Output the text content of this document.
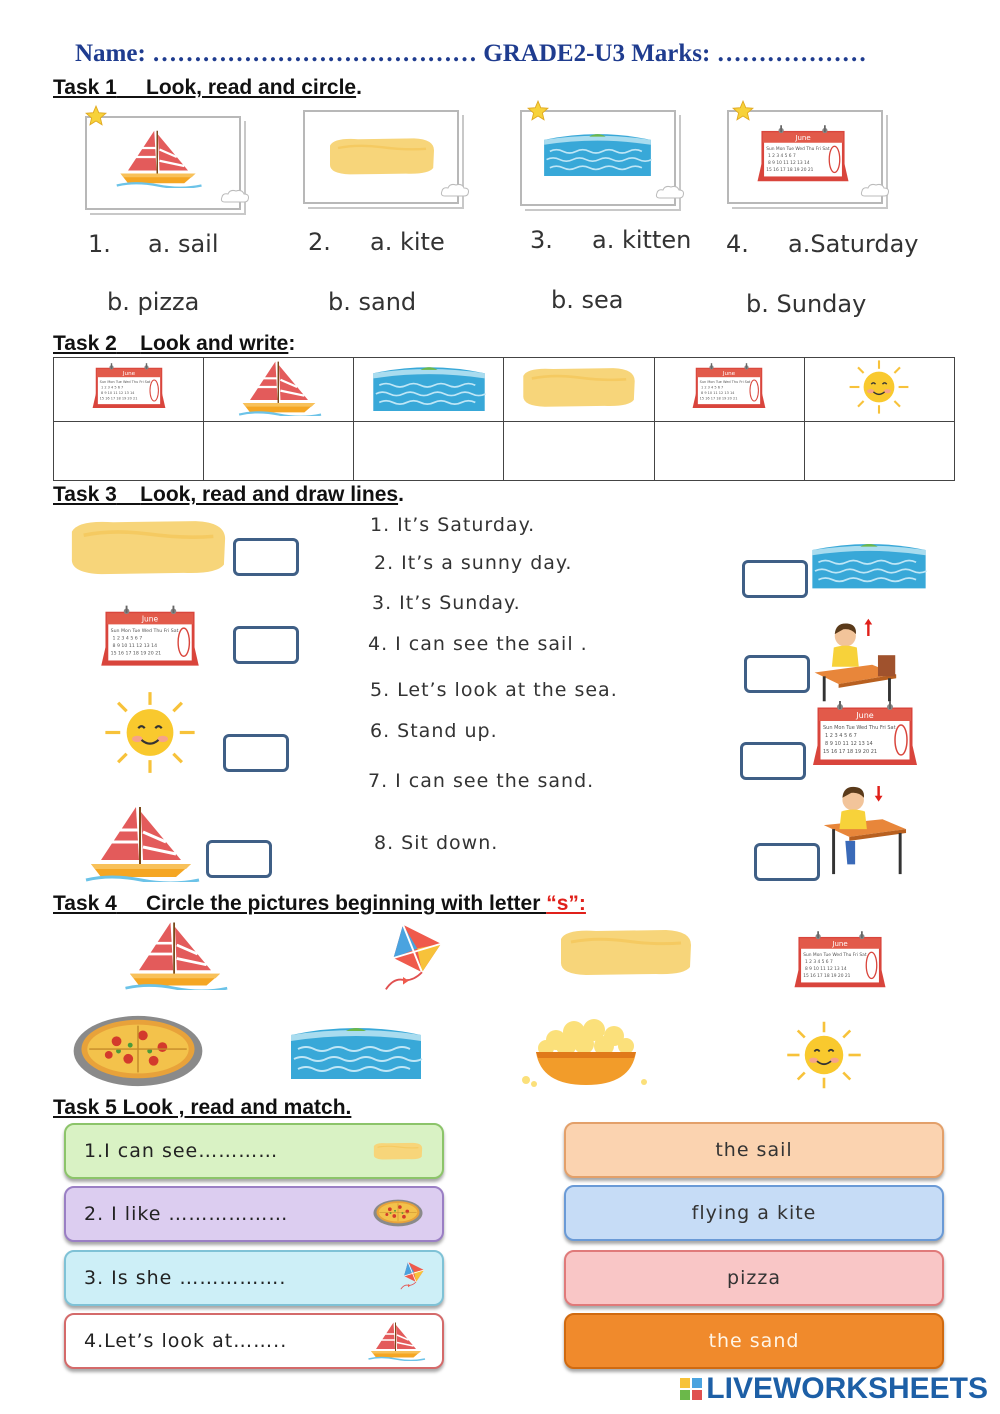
Name: ………………………………… GRADE2-U3 Marks: ………………
Task 1 Look, read and circle.
1. a. sail
b. pizza
2. a. kite
b. sand
3. a. kitten
b. sea
4. a.Saturday
b. Sunday
Task 2 Look and write:

Task 3 Look, read and draw lines.
1. It’s Saturday.
2. It’s a sunny day.
3. It’s Sunday.
4. I can see the sail .
5. Let’s look at the sea.
6. Stand up.
7. I can see the sand.
8. Sit down.
Task 4 Circle the pictures beginning with letter “s”:
Task 5 Look , read and match.
1.I can see…………
2. I like ………………
3. Is she …………….
4.Let’s look at……..
the sail
flying a kite
pizza
the sand
LIVEWORKSHEETS
